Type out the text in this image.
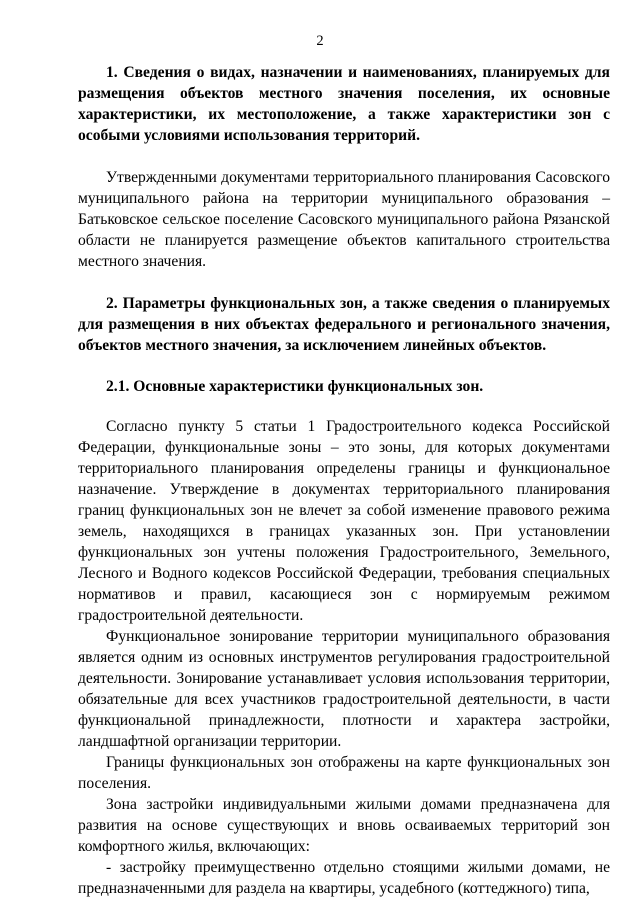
2

1. Сведения о видах, назначении и наименованиях, планируемых для размещения объектов местного значения поселения, их основные характеристики, их местоположение, а также характеристики зон с особыми условиями использования территорий.

Утвержденными документами территориального планирования Сасовского муниципального района на территории муниципального образования – Батьковское сельское поселение Сасовского муниципального района Рязанской области не планируется размещение объектов капитального строительства местного значения.

2. Параметры функциональных зон, а также сведения о планируемых для размещения в них объектах федерального и регионального значения, объектов местного значения, за исключением линейных объектов.

2.1. Основные характеристики функциональных зон.

Согласно пункту 5 статьи 1 Градостроительного кодекса Российской Федерации, функциональные зоны – это зоны, для которых документами территориального планирования определены границы и функциональное назначение. Утверждение в документах территориального планирования границ функциональных зон не влечет за собой изменение правового режима земель, находящихся в границах указанных зон. При установлении функциональных зон учтены положения Градостроительного, Земельного, Лесного и Водного кодексов Российской Федерации, требования специальных нормативов и правил, касающиеся зон с нормируемым режимом градостроительной деятельности.

Функциональное зонирование территории муниципального образования является одним из основных инструментов регулирования градостроительной деятельности. Зонирование устанавливает условия использования территории, обязательные для всех участников градостроительной деятельности, в части функциональной принадлежности, плотности и характера застройки, ландшафтной организации территории.

Границы функциональных зон отображены на карте функциональных зон поселения.

Зона застройки индивидуальными жилыми домами предназначена для развития на основе существующих и вновь осваиваемых территорий зон комфортного жилья, включающих:

- застройку преимущественно отдельно стоящими жилыми домами, не предназначенными для раздела на квартиры, усадебного (коттеджного) типа,
